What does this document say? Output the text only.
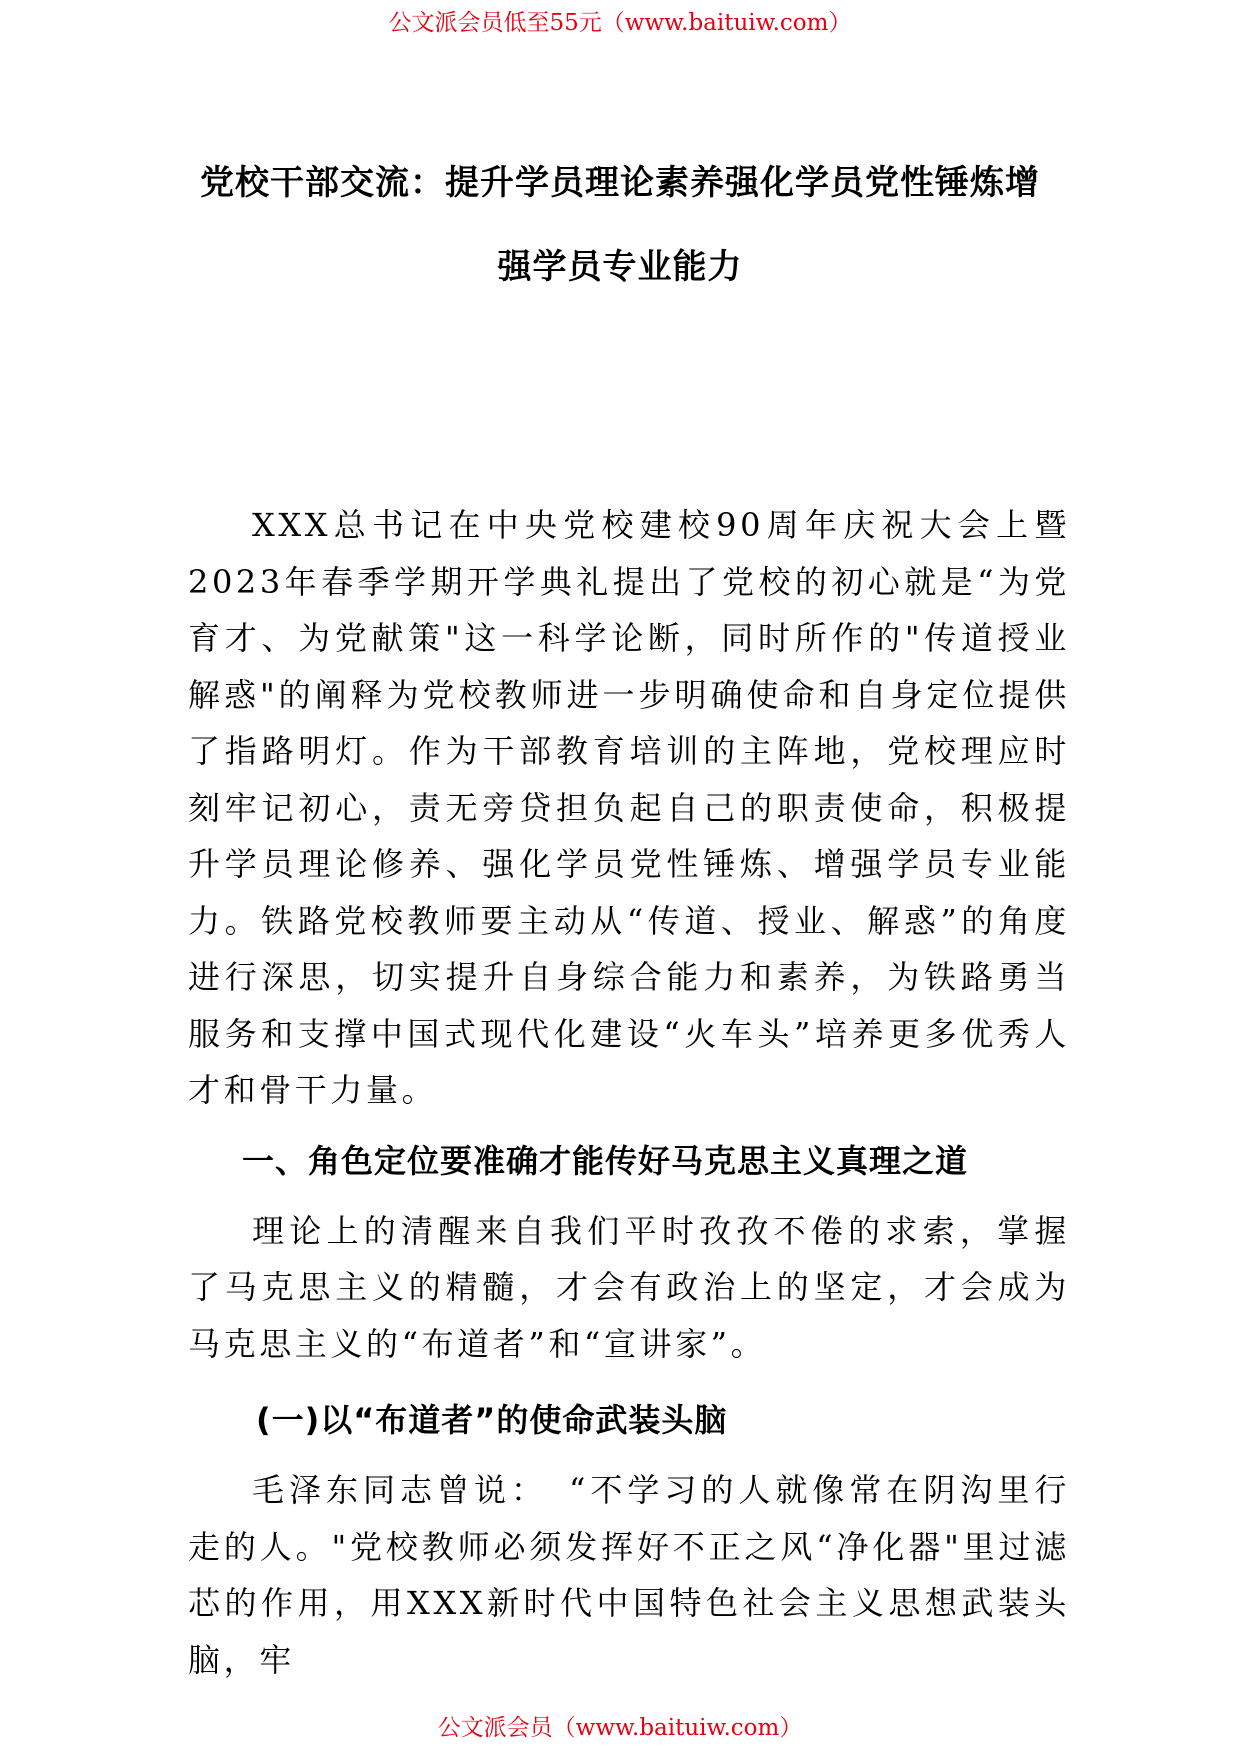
公文派会员低至55元（www.baituiw.com）
党校干部交流：提升学员理论素养强化学员党性锤炼增
强学员专业能力

XXX总书记在中央党校建校90周年庆祝大会上暨2023年春季学期开学典礼提出了党校的初心就是“为党育才、为党献策"这一科学论断，同时所作的"传道授业解惑"的阐释为党校教师进一步明确使命和自身定位提供了指路明灯。作为干部教育培训的主阵地，党校理应时刻牢记初心，责无旁贷担负起自己的职责使命，积极提升学员理论修养、强化学员党性锤炼、增强学员专业能力。铁路党校教师要主动从“传道、授业、解惑”的角度进行深思，切实提升自身综合能力和素养，为铁路勇当服务和支撑中国式现代化建设“火车头”培养更多优秀人才和骨干力量。

一、角色定位要准确才能传好马克思主义真理之道

理论上的清醒来自我们平时孜孜不倦的求索，掌握了马克思主义的精髓，才会有政治上的坚定，才会成为马克思主义的“布道者”和“宣讲家”。

(一)以“布道者”的使命武装头脑

毛泽东同志曾说：　“不学习的人就像常在阴沟里行走的人。"党校教师必须发挥好不正之风“净化器"里过滤芯的作用，用XXX新时代中国特色社会主义思想武装头脑，牢

公文派会员（www.baituiw.com）
